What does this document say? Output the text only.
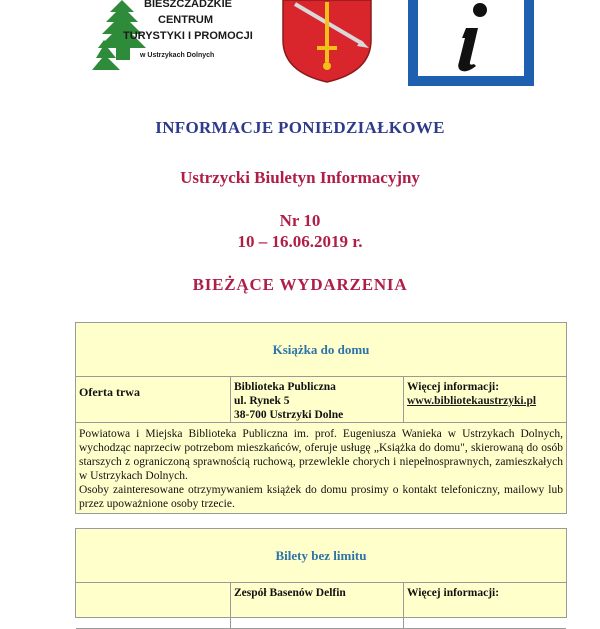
BIESZCZADZKIE
CENTRUM
TURYSTYKI I PROMOCJI
w Ustrzykach Dolnych
INFORMACJE PONIEDZIAŁKOWE
Ustrzycki Biuletyn Informacyjny
Nr 10
10 – 16.06.2019 r.
BIEŻĄCE WYDARZENIA
Książka do domu
Oferta trwa	Biblioteka Publiczna
ul. Rynek 5
38-700 Ustrzyki Dolne
Więcej informacji:
www.bibliotekaustrzyki.pl

Powiatowa i Miejska Biblioteka Publiczna im. prof. Eugeniusza Wanieka w Ustrzykach Dolnych, wychodząc naprzeciw potrzebom mieszkańców, oferuje usługę „Książka do domu", skierowaną do osób starszych z ograniczoną sprawnością ruchową, przewlekle chorych i niepełnosprawnych, zamieszkałych w Ustrzykach Dolnych.

Osoby zainteresowane otrzymywaniem książek do domu prosimy o kontakt telefoniczny, mailowy lub przez upoważnione osoby trzecie.

Bilety bez limitu
Zespół Basenów Delfin	Więcej informacji:
